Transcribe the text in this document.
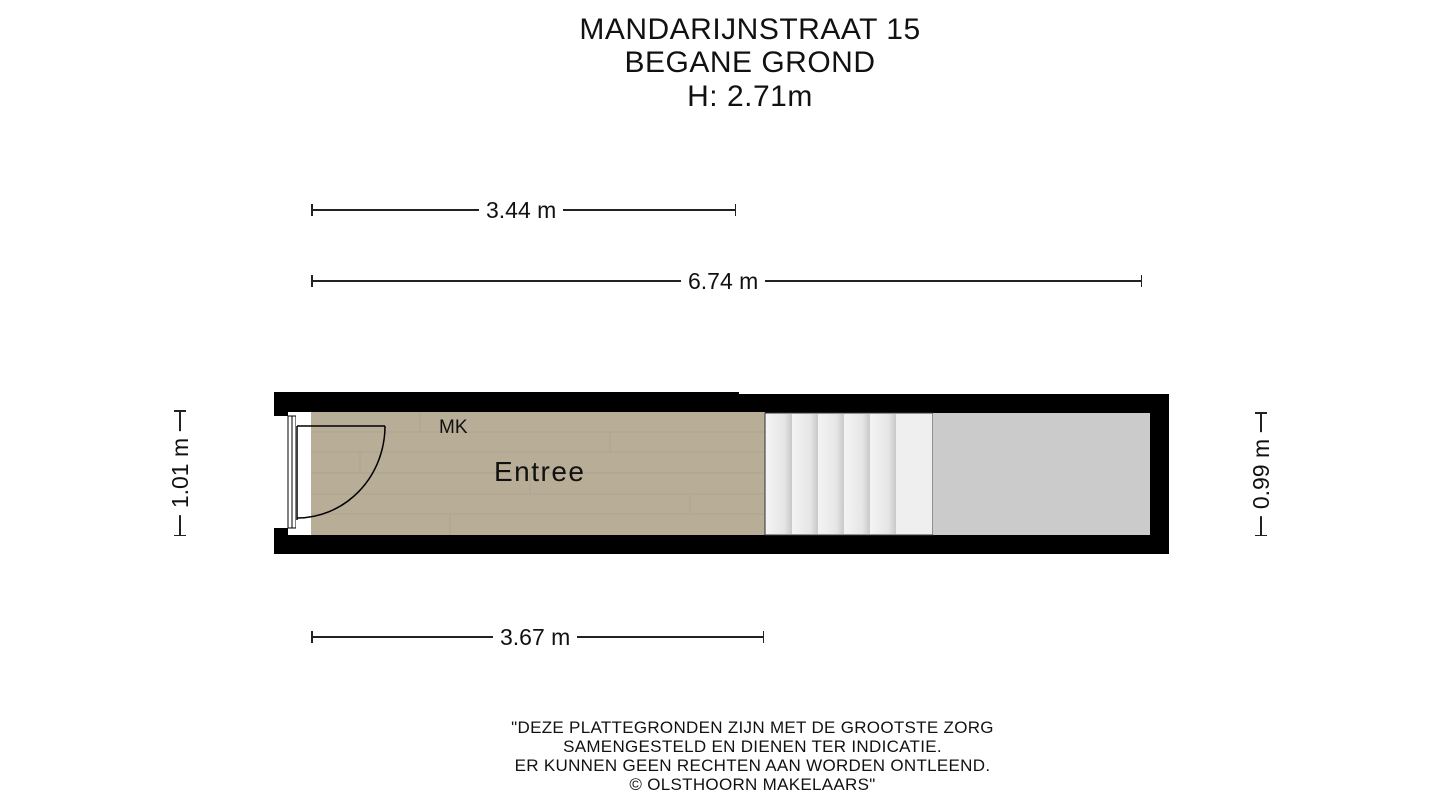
MANDARIJNSTRAAT 15
BEGANE GROND
H: 2.71m
3.44 m
6.74 m
3.67 m
1.01 m	0.99 m
MK
Entree
"DEZE PLATTEGRONDEN ZIJN MET DE GROOTSTE ZORG
SAMENGESTELD EN DIENEN TER INDICATIE.
ER KUNNEN GEEN RECHTEN AAN WORDEN ONTLEEND.
© OLSTHOORN MAKELAARS"
